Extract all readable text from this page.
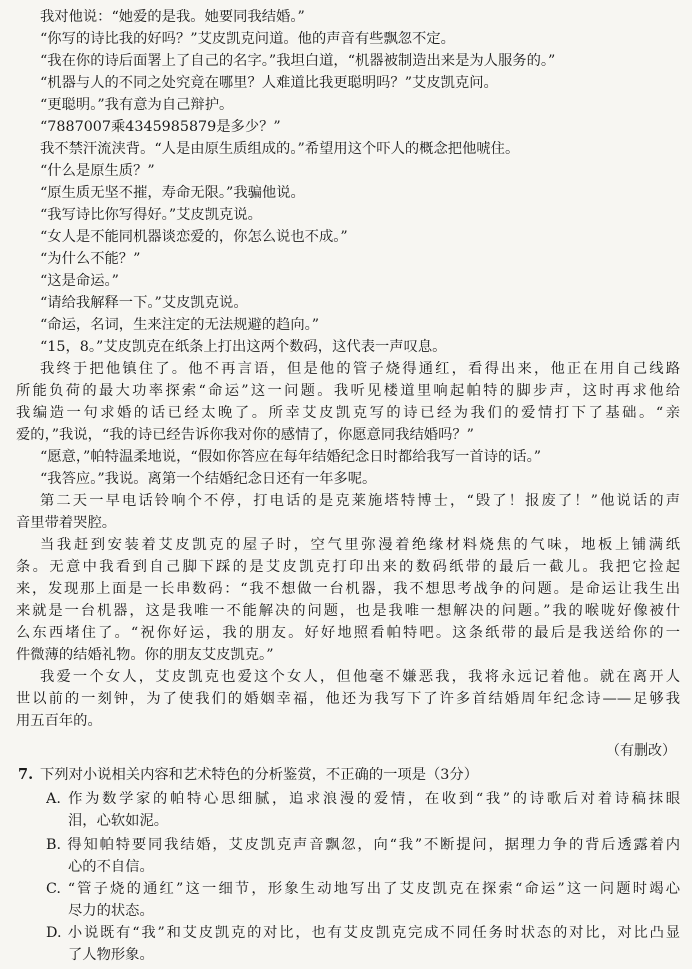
我对他说：“她爱的是我。她要同我结婚。”
“你写的诗比我的好吗？”艾皮凯克问道。他的声音有些飘忽不定。
“我在你的诗后面署上了自己的名字。”我坦白道，“机器被制造出来是为人服务的。”
“机器与人的不同之处究竟在哪里？人难道比我更聪明吗？”艾皮凯克问。
“更聪明。”我有意为自己辩护。
“7887007乘4345985879是多少？”
我不禁汗流浃背。“人是由原生质组成的。”希望用这个吓人的概念把他唬住。
“什么是原生质？”
“原生质无坚不摧，寿命无限。”我骗他说。
“我写诗比你写得好。”艾皮凯克说。
“女人是不能同机器谈恋爱的，你怎么说也不成。”
“为什么不能？”
“这是命运。”
“请给我解释一下。”艾皮凯克说。
“命运，名词，生来注定的无法规避的趋向。”
“15，8。”艾皮凯克在纸条上打出这两个数码，这代表一声叹息。
我终于把他镇住了。他不再言语，但是他的管子烧得通红，看得出来，他正在用自己线路
所能负荷的最大功率探索“命运”这一问题。我听见楼道里响起帕特的脚步声，这时再求他给
我编造一句求婚的话已经太晚了。所幸艾皮凯克写的诗已经为我们的爱情打下了基础。“亲
爱的，”我说，“我的诗已经告诉你我对你的感情了，你愿意同我结婚吗？”
“愿意，”帕特温柔地说，“假如你答应在每年结婚纪念日时都给我写一首诗的话。”
“我答应。”我说。离第一个结婚纪念日还有一年多呢。
第二天一早电话铃响个不停，打电话的是克莱施塔特博士，“毁了！报废了！”他说话的声
音里带着哭腔。
当我赶到安装着艾皮凯克的屋子时，空气里弥漫着绝缘材料烧焦的气味，地板上铺满纸
条。无意中我看到自己脚下踩的是艾皮凯克打印出来的数码纸带的最后一截儿。我把它捡起
来，发现那上面是一长串数码：“我不想做一台机器，我不想思考战争的问题。是命运让我生出
来就是一台机器，这是我唯一不能解决的问题，也是我唯一想解决的问题。”我的喉咙好像被什
么东西堵住了。“祝你好运，我的朋友。好好地照看帕特吧。这条纸带的最后是我送给你的一
件微薄的结婚礼物。你的朋友艾皮凯克。”
我爱一个女人，艾皮凯克也爱这个女人，但他毫不嫌恶我，我将永远记着他。就在离开人
世以前的一刻钟，为了使我们的婚姻幸福，他还为我写下了许多首结婚周年纪念诗——足够我
用五百年的。
（有删改）
7. 下列对小说相关内容和艺术特色的分析鉴赏，不正确的一项是（3分）
A. 作为数学家的帕特心思细腻，追求浪漫的爱情，在收到“我”的诗歌后对着诗稿抹眼
泪，心软如泥。
B. 得知帕特要同我结婚，艾皮凯克声音飘忽，向“我”不断提问，据理力争的背后透露着内
心的不自信。
C. “管子烧的通红”这一细节，形象生动地写出了艾皮凯克在探索“命运”这一问题时竭心
尽力的状态。
D. 小说既有“我”和艾皮凯克的对比，也有艾皮凯克完成不同任务时状态的对比，对比凸显
了人物形象。
